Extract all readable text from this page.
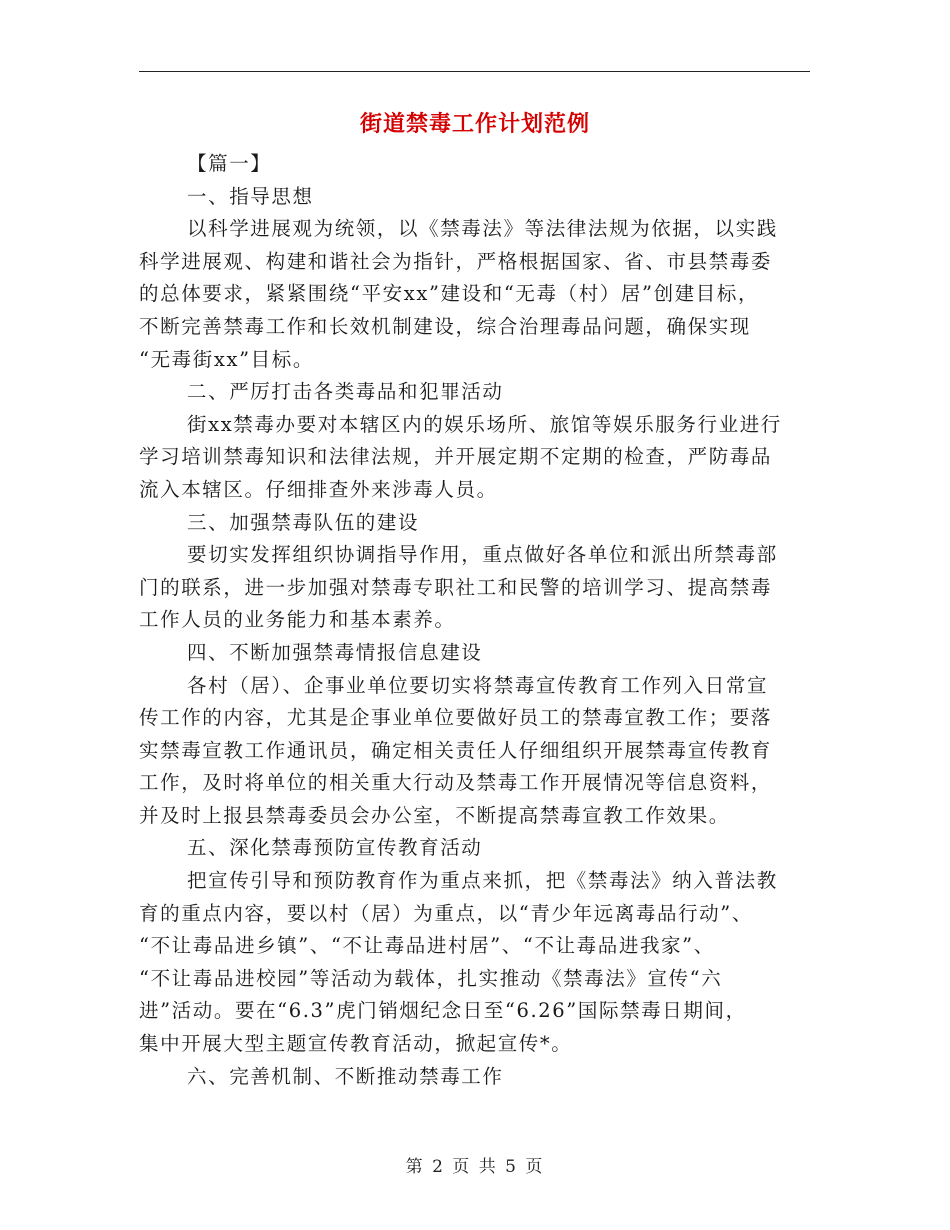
街道禁毒工作计划范例
【篇一】
一、指导思想
以科学进展观为统领，以《禁毒法》等法律法规为依据，以实践
科学进展观、构建和谐社会为指针，严格根据国家、省、市县禁毒委
的总体要求，紧紧围绕“平安xx”建设和“无毒（村）居”创建目标，
不断完善禁毒工作和长效机制建设，综合治理毒品问题，确保实现
“无毒街xx”目标。
二、严厉打击各类毒品和犯罪活动
街xx禁毒办要对本辖区内的娱乐场所、旅馆等娱乐服务行业进行
学习培训禁毒知识和法律法规，并开展定期不定期的检查，严防毒品
流入本辖区。仔细排查外来涉毒人员。
三、加强禁毒队伍的建设
要切实发挥组织协调指导作用，重点做好各单位和派出所禁毒部
门的联系，进一步加强对禁毒专职社工和民警的培训学习、提高禁毒
工作人员的业务能力和基本素养。
四、不断加强禁毒情报信息建设
各村（居）、企事业单位要切实将禁毒宣传教育工作列入日常宣
传工作的内容，尤其是企事业单位要做好员工的禁毒宣教工作；要落
实禁毒宣教工作通讯员，确定相关责任人仔细组织开展禁毒宣传教育
工作，及时将单位的相关重大行动及禁毒工作开展情况等信息资料，
并及时上报县禁毒委员会办公室，不断提高禁毒宣教工作效果。
五、深化禁毒预防宣传教育活动
把宣传引导和预防教育作为重点来抓，把《禁毒法》纳入普法教
育的重点内容，要以村（居）为重点，以“青少年远离毒品行动”、
“不让毒品进乡镇”、“不让毒品进村居”、“不让毒品进我家”、
“不让毒品进校园”等活动为载体，扎实推动《禁毒法》宣传“六
进”活动。要在“6.3”虎门销烟纪念日至“6.26”国际禁毒日期间，
集中开展大型主题宣传教育活动，掀起宣传*。
六、完善机制、不断推动禁毒工作
第 2 页 共 5 页
